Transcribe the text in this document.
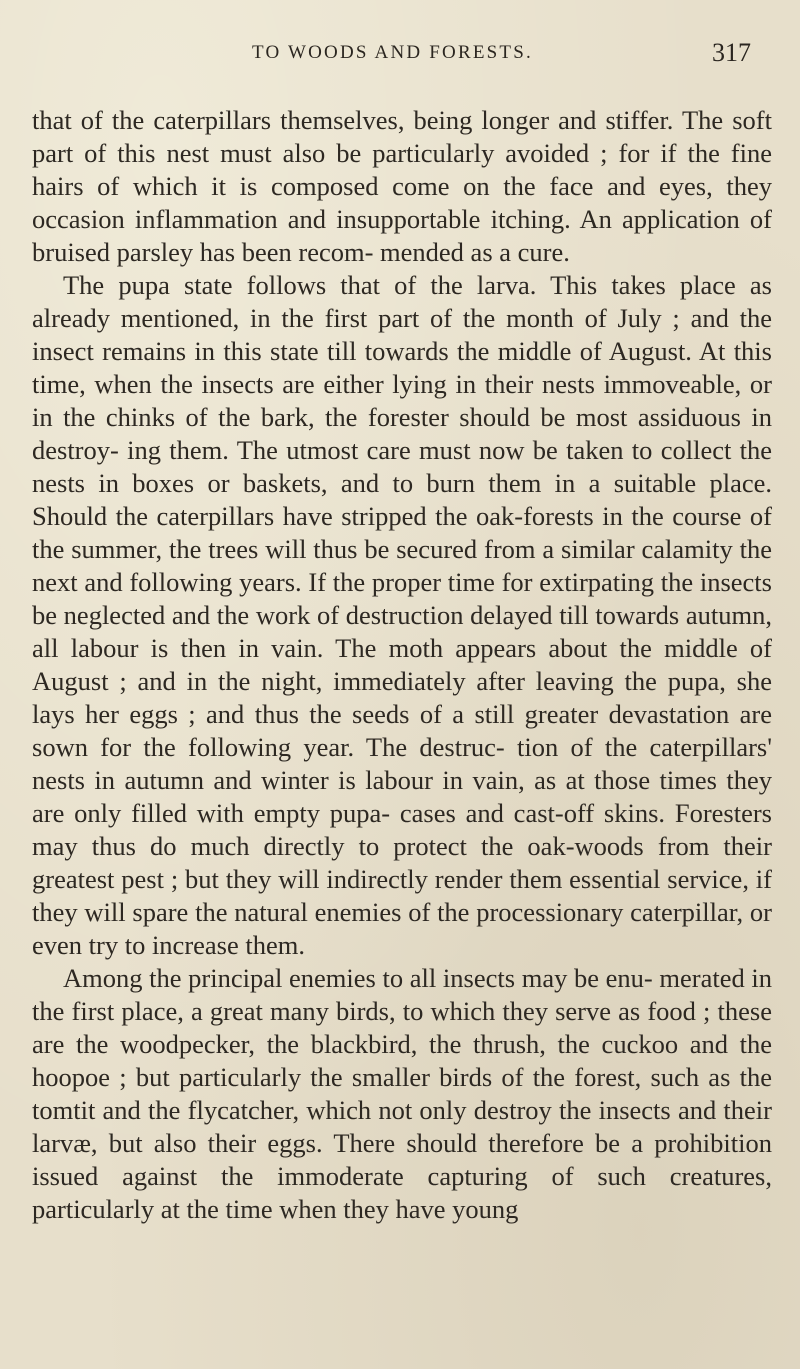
TO WOODS AND FORESTS.	317

that of the caterpillars themselves, being longer and stiffer. The soft part of this nest must also be particularly avoided ; for if the fine hairs of which it is composed come on the face and eyes, they occasion inflammation and insupportable itching. An application of bruised parsley has been recom- mended as a cure.

The pupa state follows that of the larva. This takes place as already mentioned, in the first part of the month of July ; and the insect remains in this state till towards the middle of August. At this time, when the insects are either lying in their nests immoveable, or in the chinks of the bark, the forester should be most assiduous in destroy- ing them. The utmost care must now be taken to collect the nests in boxes or baskets, and to burn them in a suitable place. Should the caterpillars have stripped the oak-forests in the course of the summer, the trees will thus be secured from a similar calamity the next and following years. If the proper time for extirpating the insects be neglected and the work of destruction delayed till towards autumn, all labour is then in vain. The moth appears about the middle of August ; and in the night, immediately after leaving the pupa, she lays her eggs ; and thus the seeds of a still greater devastation are sown for the following year. The destruc- tion of the caterpillars' nests in autumn and winter is labour in vain, as at those times they are only filled with empty pupa- cases and cast-off skins. Foresters may thus do much directly to protect the oak-woods from their greatest pest ; but they will indirectly render them essential service, if they will spare the natural enemies of the processionary caterpillar, or even try to increase them.

Among the principal enemies to all insects may be enu- merated in the first place, a great many birds, to which they serve as food ; these are the woodpecker, the blackbird, the thrush, the cuckoo and the hoopoe ; but particularly the smaller birds of the forest, such as the tomtit and the flycatcher, which not only destroy the insects and their larvæ, but also their eggs. There should therefore be a prohibition issued against the immoderate capturing of such creatures, particularly at the time when they have young
